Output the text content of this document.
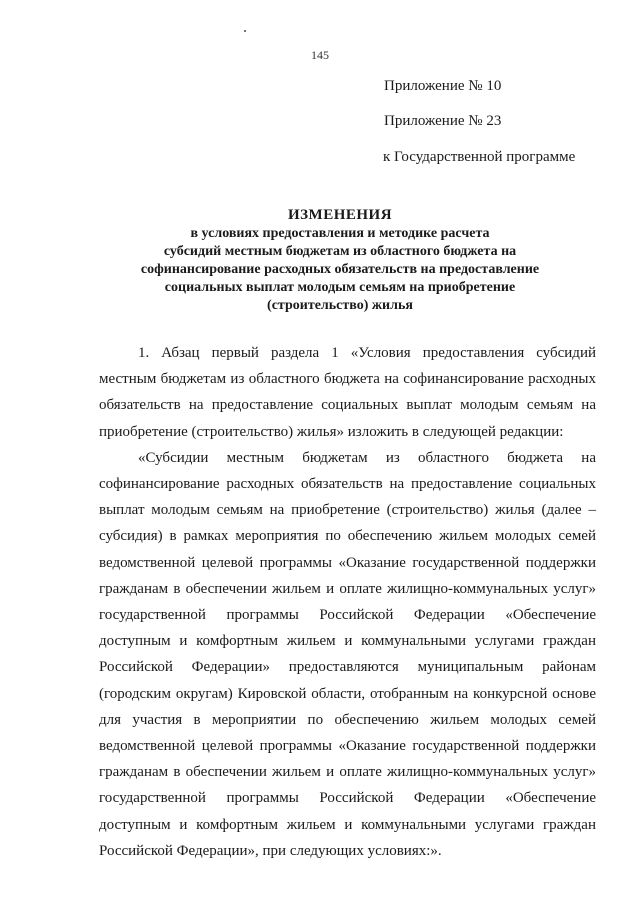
145
Приложение № 10
Приложение № 23
к Государственной программе
ИЗМЕНЕНИЯ
в условиях предоставления и методике расчета
субсидий местным бюджетам из областного бюджета на
софинансирование расходных обязательств на предоставление
социальных выплат молодым семьям на приобретение
(строительство) жилья

1. Абзац первый раздела 1 «Условия предоставления субсидий местным бюджетам из областного бюджета на софинансирование расходных обязательств на предоставление социальных выплат молодым семьям на приобретение (строительство) жилья» изложить в следующей редакции:

«Субсидии местным бюджетам из областного бюджета на софинансирование расходных обязательств на предоставление социальных выплат молодым семьям на приобретение (строительство) жилья (далее – субсидия) в рамках мероприятия по обеспечению жильем молодых семей ведомственной целевой программы «Оказание государственной поддержки гражданам в обеспечении жильем и оплате жилищно-коммунальных услуг» государственной программы Российской Федерации «Обеспечение доступным и комфортным жильем и коммунальными услугами граждан Российской Федерации» предоставляются муниципальным районам (городским округам) Кировской области, отобранным на конкурсной основе для участия в мероприятии по обеспечению жильем молодых семей ведомственной целевой программы «Оказание государственной поддержки гражданам в обеспечении жильем и оплате жилищно-коммунальных услуг» государственной программы Российской Федерации «Обеспечение доступным и комфортным жильем и коммунальными услугами граждан Российской Федерации», при следующих условиях:».
